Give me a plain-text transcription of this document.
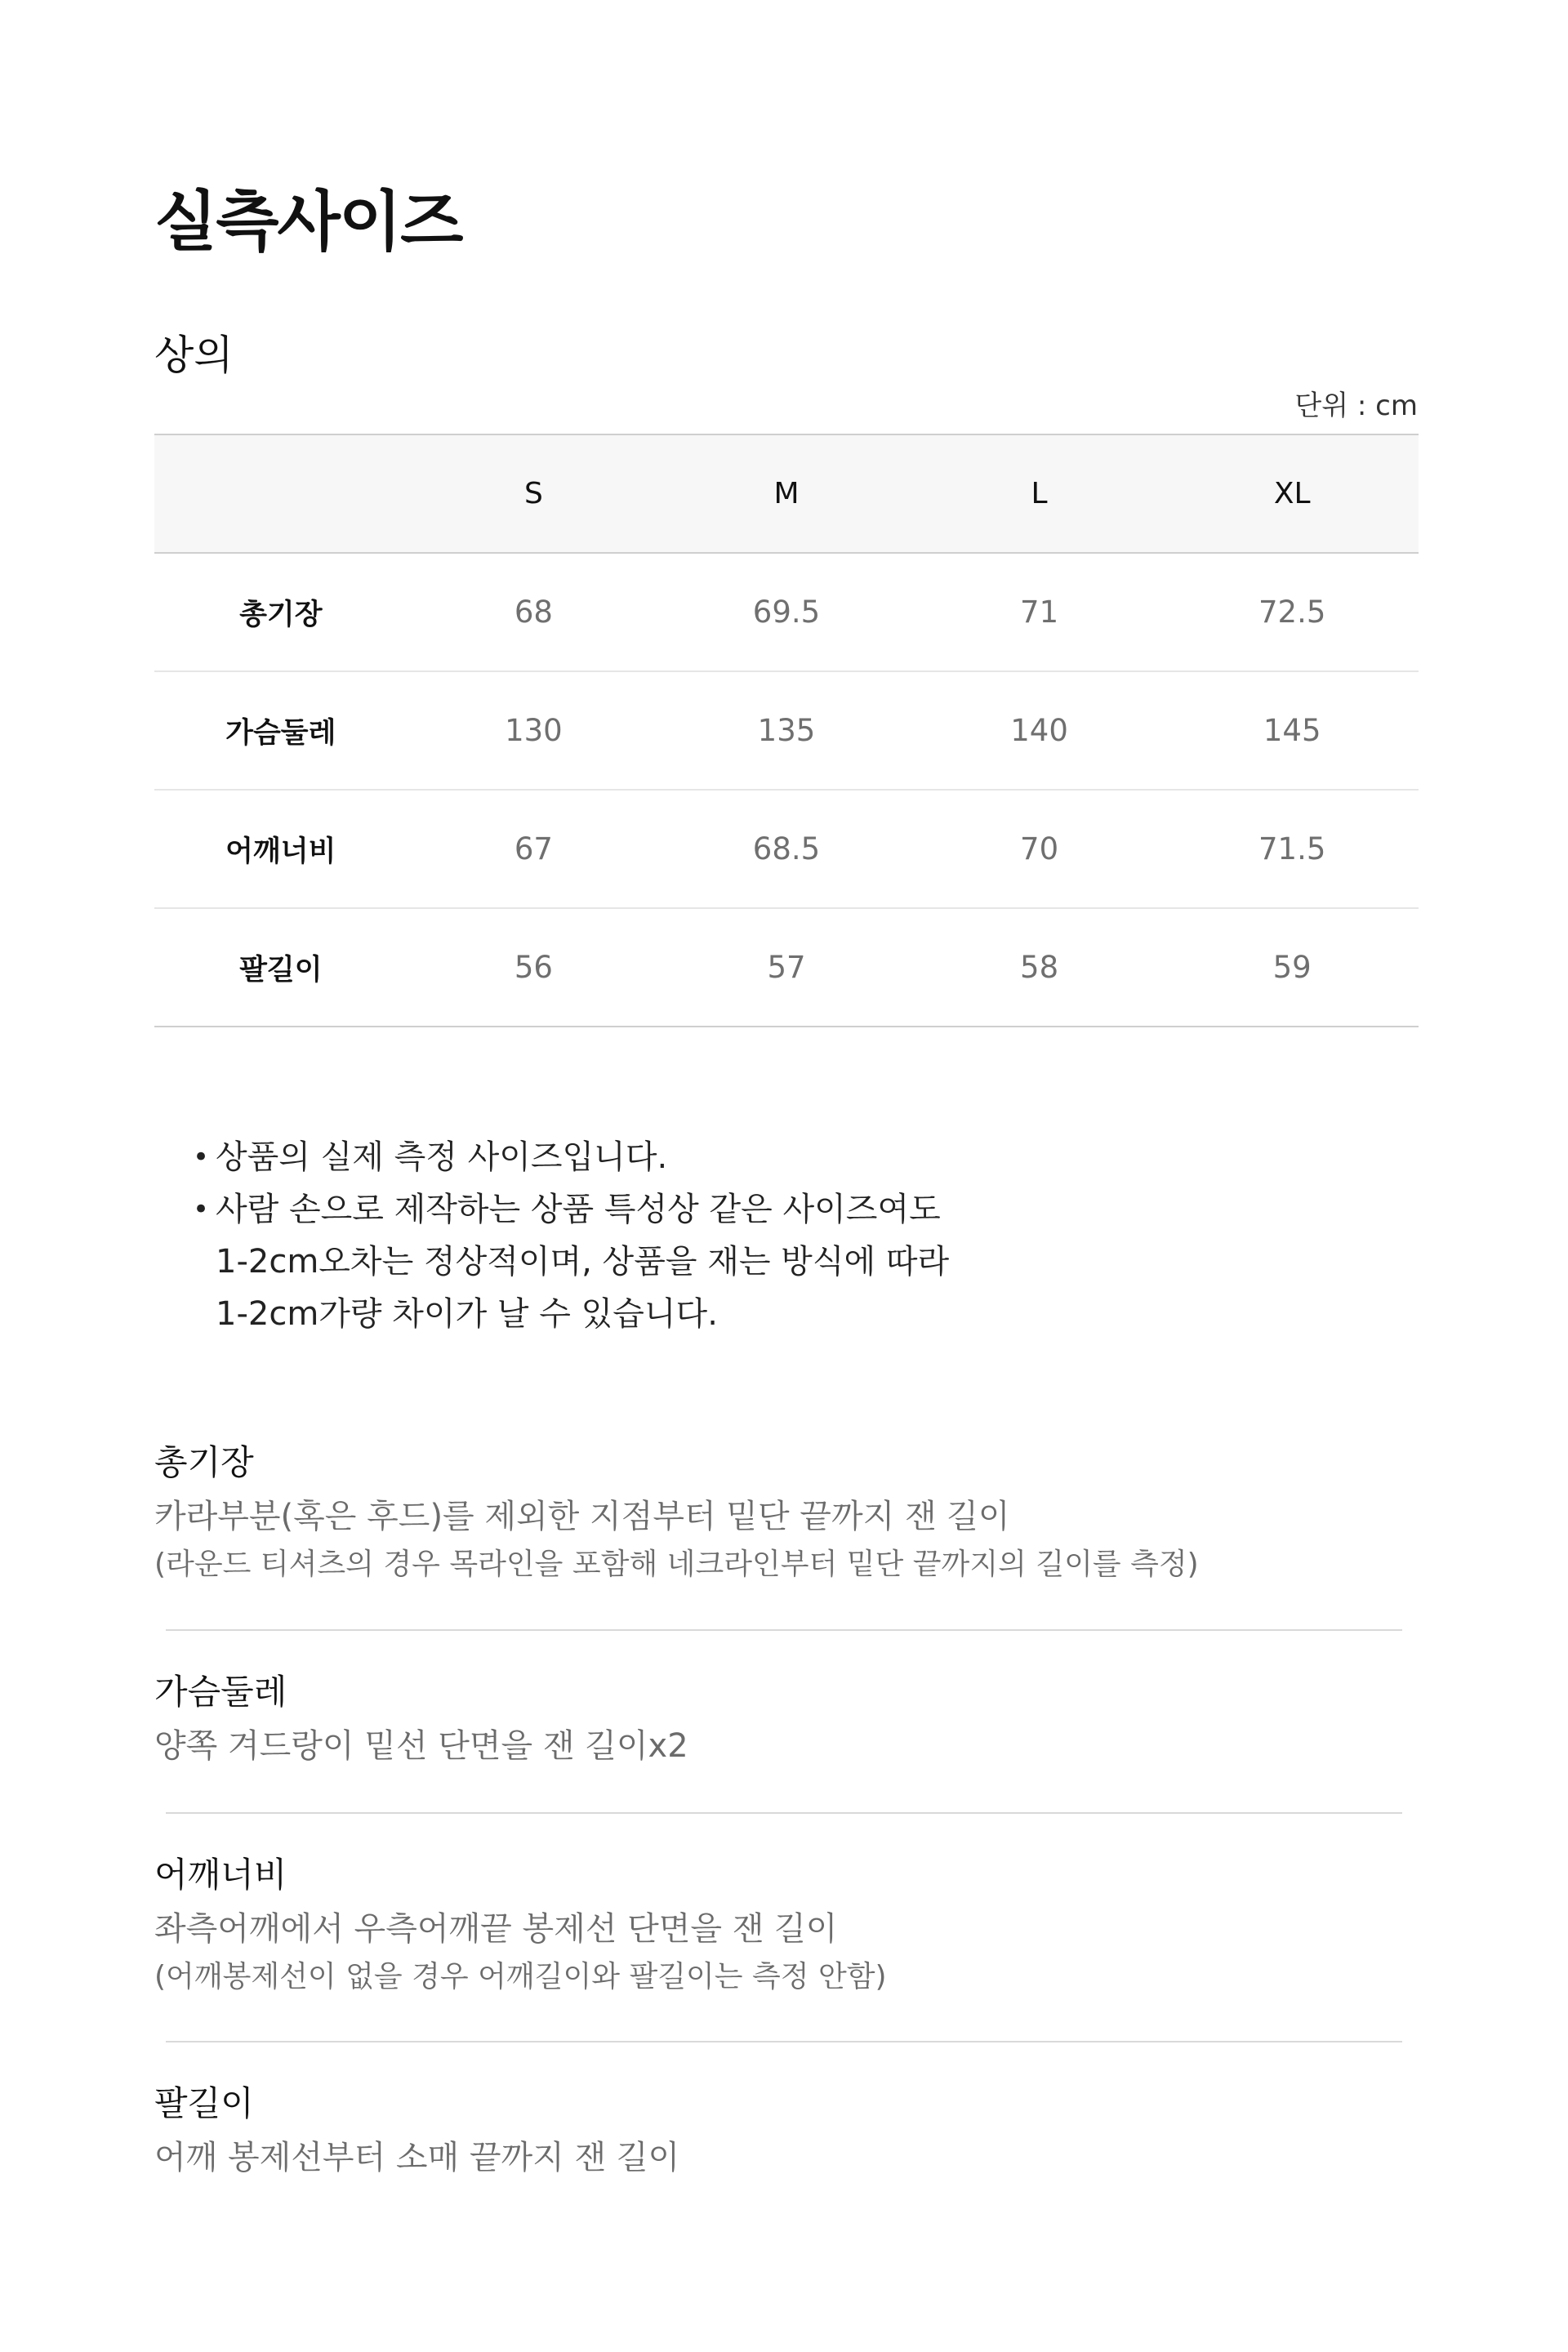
실측사이즈
상의
단위 : cm
	S	M	L	XL
총기장	68	69.5	71	72.5
가슴둘레	130	135	140	145
어깨너비	67	68.5	70	71.5
팔길이	56	57	58	59
• 상품의 실제 측정 사이즈입니다.
• 사람 손으로 제작하는 상품 특성상 같은 사이즈여도
1-2cm오차는 정상적이며, 상품을 재는 방식에 따라
1-2cm가량 차이가 날 수 있습니다.

총기장

카라부분(혹은 후드)를 제외한 지점부터 밑단 끝까지 잰 길이

(라운드 티셔츠의 경우 목라인을 포함해 네크라인부터 밑단 끝까지의 길이를 측정)

가슴둘레

양쪽 겨드랑이 밑선 단면을 잰 길이x2

어깨너비

좌측어깨에서 우측어깨끝 봉제선 단면을 잰 길이

(어깨봉제선이 없을 경우 어깨길이와 팔길이는 측정 안함)

팔길이

어깨 봉제선부터 소매 끝까지 잰 길이
